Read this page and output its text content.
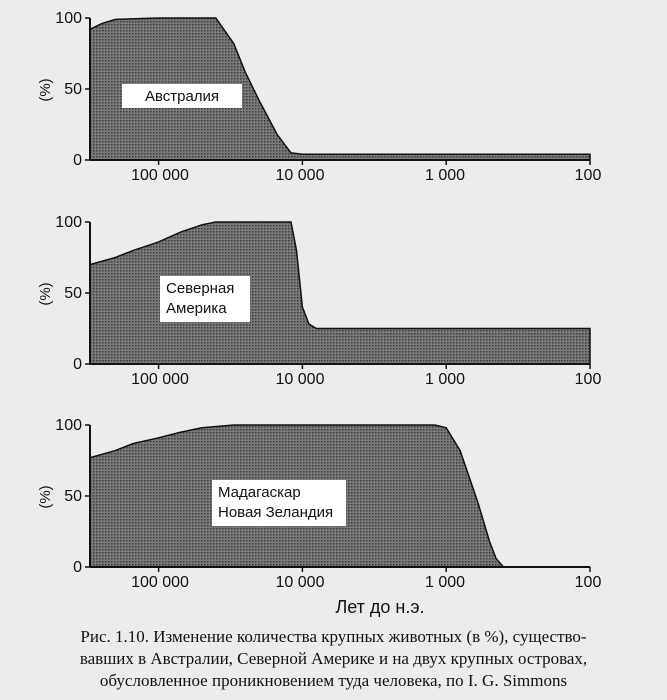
100
50
0
(%)
100 000	10 000	1 000	100
Австралия
100
50
0
(%)
100 000	10 000	1 000	100
Северная
Америка
100
50
0
(%)
100 000	10 000	1 000	100
Мадагаскар
Новая Зеландия
Лет до н.э.
Рис. 1.10. Изменение количества крупных животных (в %), существо-
вавших в Австралии, Северной Америке и на двух крупных островах,
обусловленное проникновением туда человека, по I. G. Simmons
